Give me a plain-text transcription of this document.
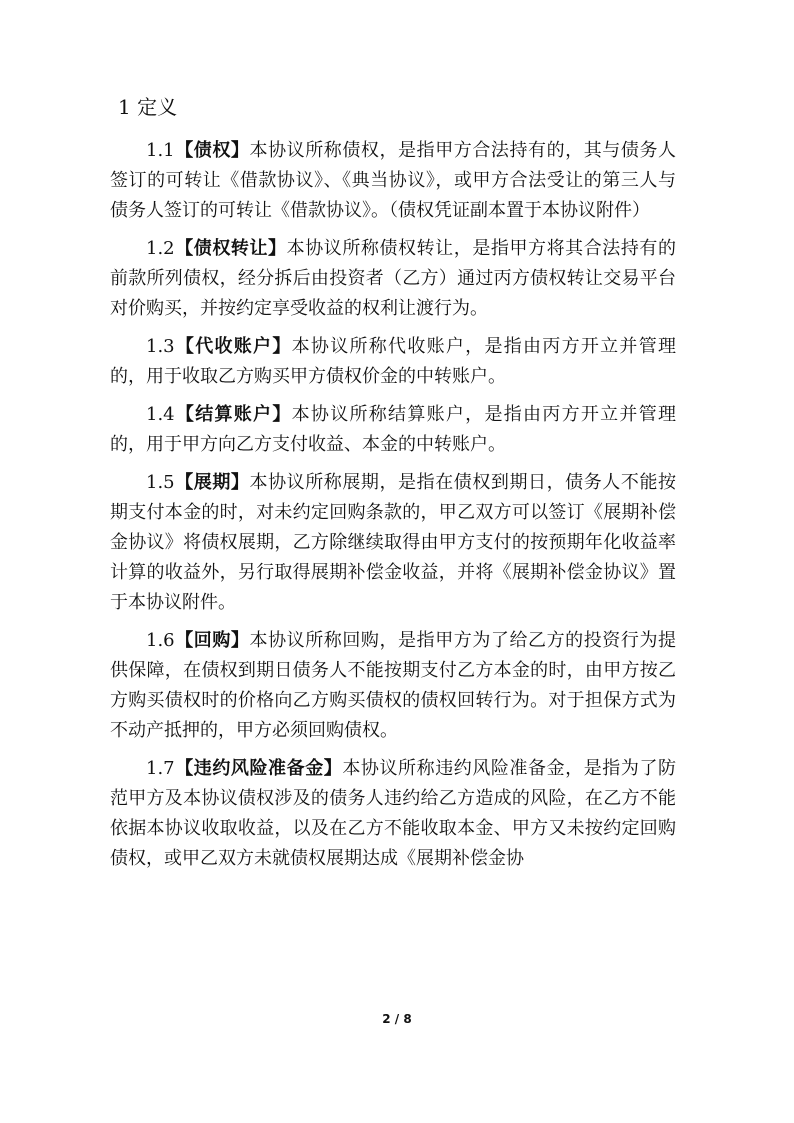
1 定义

1.1【债权】本协议所称债权，是指甲方合法持有的，其与债务人签订的可转让《借款协议》、《典当协议》，或甲方合法受让的第三人与债务人签订的可转让《借款协议》。（债权凭证副本置于本协议附件）

1.2【债权转让】本协议所称债权转让，是指甲方将其合法持有的前款所列债权，经分拆后由投资者（乙方）通过丙方债权转让交易平台对价购买，并按约定享受收益的权利让渡行为。

1.3【代收账户】本协议所称代收账户，是指由丙方开立并管理的，用于收取乙方购买甲方债权价金的中转账户。

1.4【结算账户】本协议所称结算账户，是指由丙方开立并管理的，用于甲方向乙方支付收益、本金的中转账户。

1.5【展期】本协议所称展期，是指在债权到期日，债务人不能按期支付本金的时，对未约定回购条款的，甲乙双方可以签订《展期补偿金协议》将债权展期，乙方除继续取得由甲方支付的按预期年化收益率计算的收益外，另行取得展期补偿金收益，并将《展期补偿金协议》置于本协议附件。

1.6【回购】本协议所称回购，是指甲方为了给乙方的投资行为提供保障，在债权到期日债务人不能按期支付乙方本金的时，由甲方按乙方购买债权时的价格向乙方购买债权的债权回转行为。对于担保方式为不动产抵押的，甲方必须回购债权。

1.7【违约风险准备金】本协议所称违约风险准备金，是指为了防范甲方及本协议债权涉及的债务人违约给乙方造成的风险，在乙方不能依据本协议收取收益，以及在乙方不能收取本金、甲方又未按约定回购债权，或甲乙双方未就债权展期达成《展期补偿金协

2 / 8
